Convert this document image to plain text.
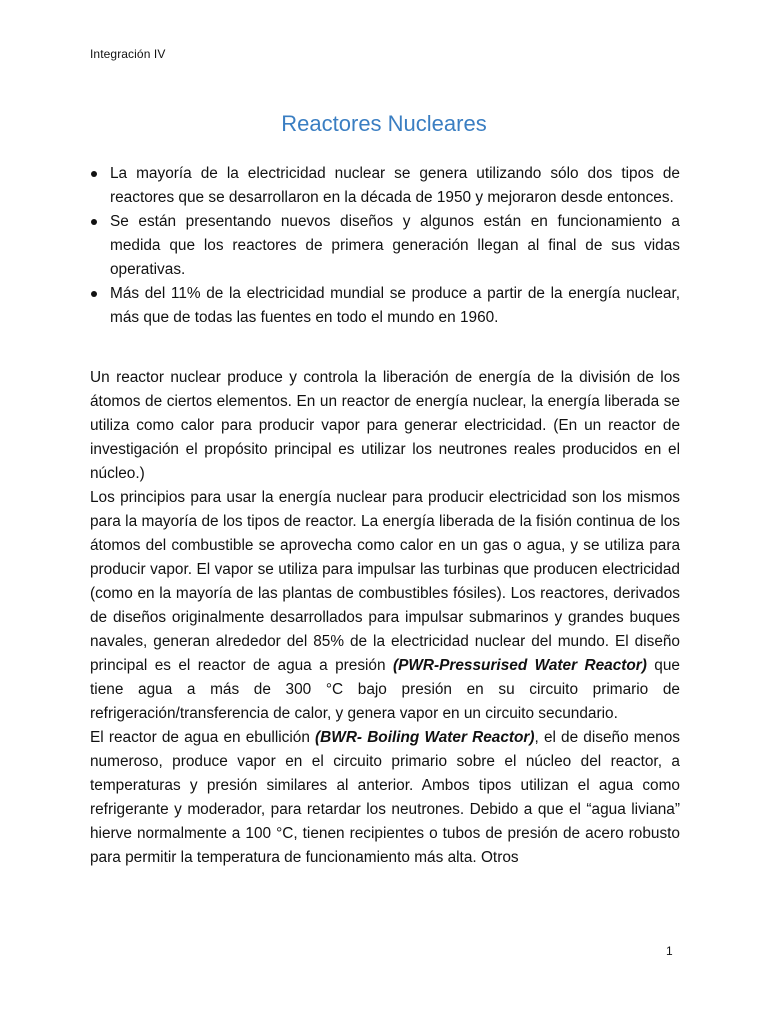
Integración IV
Reactores Nucleares
La mayoría de la electricidad nuclear se genera utilizando sólo dos tipos de reactores que se desarrollaron en la década de 1950 y mejoraron desde entonces.
Se están presentando nuevos diseños y algunos están en funcionamiento a medida que los reactores de primera generación llegan al final de sus vidas operativas.
Más del 11% de la electricidad mundial se produce a partir de la energía nuclear, más que de todas las fuentes en todo el mundo en 1960.

Un reactor nuclear produce y controla la liberación de energía de la división de los átomos de ciertos elementos. En un reactor de energía nuclear, la energía liberada se utiliza como calor para producir vapor para generar electricidad. (En un reactor de investigación el propósito principal es utilizar los neutrones reales producidos en el núcleo.)

Los principios para usar la energía nuclear para producir electricidad son los mismos para la mayoría de los tipos de reactor. La energía liberada de la fisión continua de los átomos del combustible se aprovecha como calor en un gas o agua, y se utiliza para producir vapor. El vapor se utiliza para impulsar las turbinas que producen electricidad (como en la mayoría de las plantas de combustibles fósiles). Los reactores, derivados de diseños originalmente desarrollados para impulsar submarinos y grandes buques navales, generan alrededor del 85% de la electricidad nuclear del mundo. El diseño principal es el reactor de agua a presión (PWR-Pressurised Water Reactor) que tiene agua a más de 300 °C bajo presión en su circuito primario de refrigeración/transferencia de calor, y genera vapor en un circuito secundario.

El reactor de agua en ebullición (BWR- Boiling Water Reactor), el de diseño menos numeroso, produce vapor en el circuito primario sobre el núcleo del reactor, a temperaturas y presión similares al anterior. Ambos tipos utilizan el agua como refrigerante y moderador, para retardar los neutrones. Debido a que el “agua liviana” hierve normalmente a 100 °C, tienen recipientes o tubos de presión de acero robusto para permitir la temperatura de funcionamiento más alta. Otros

1
